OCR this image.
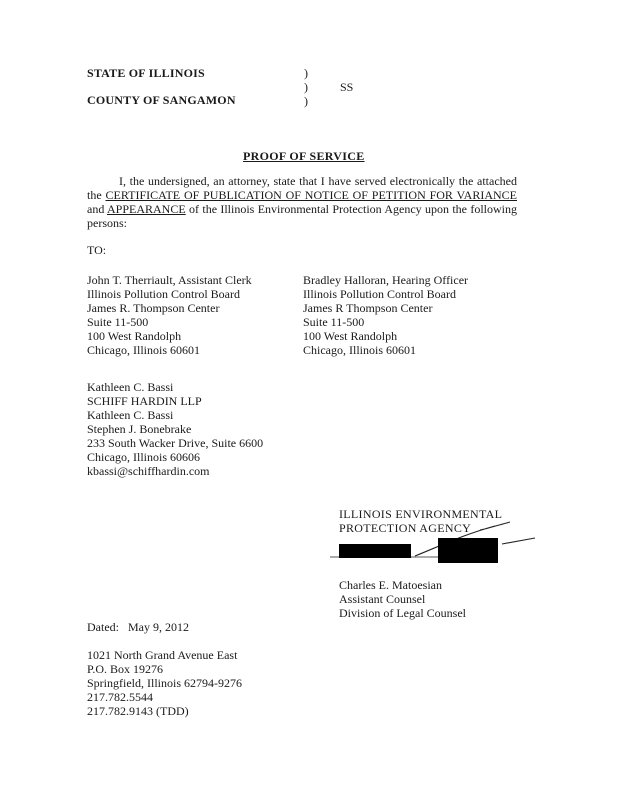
STATE OF ILLINOIS
COUNTY OF SANGAMON
)
)
)
SS
PROOF OF SERVICE
I, the undersigned, an attorney, state that I have served electronically the attached the CERTIFICATE OF PUBLICATION OF NOTICE OF PETITION FOR VARIANCE and APPEARANCE of the Illinois Environmental Protection Agency upon the following persons:
TO:
John T. Therriault, Assistant Clerk
Illinois Pollution Control Board
James R. Thompson Center
Suite 11-500
100 West Randolph
Chicago, Illinois 60601
Bradley Halloran, Hearing Officer
Illinois Pollution Control Board
James R Thompson Center
Suite 11-500
100 West Randolph
Chicago, Illinois 60601
Kathleen C. Bassi
SCHIFF HARDIN LLP
Kathleen C. Bassi
Stephen J. Bonebrake
233 South Wacker Drive, Suite 6600
Chicago, Illinois 60606
kbassi@schiffhardin.com
ILLINOIS ENVIRONMENTAL
PROTECTION AGENCY
Charles E. Matoesian
Assistant Counsel
Division of Legal Counsel
Dated:   May 9, 2012
1021 North Grand Avenue East
P.O. Box 19276
Springfield, Illinois 62794-9276
217.782.5544
217.782.9143 (TDD)
